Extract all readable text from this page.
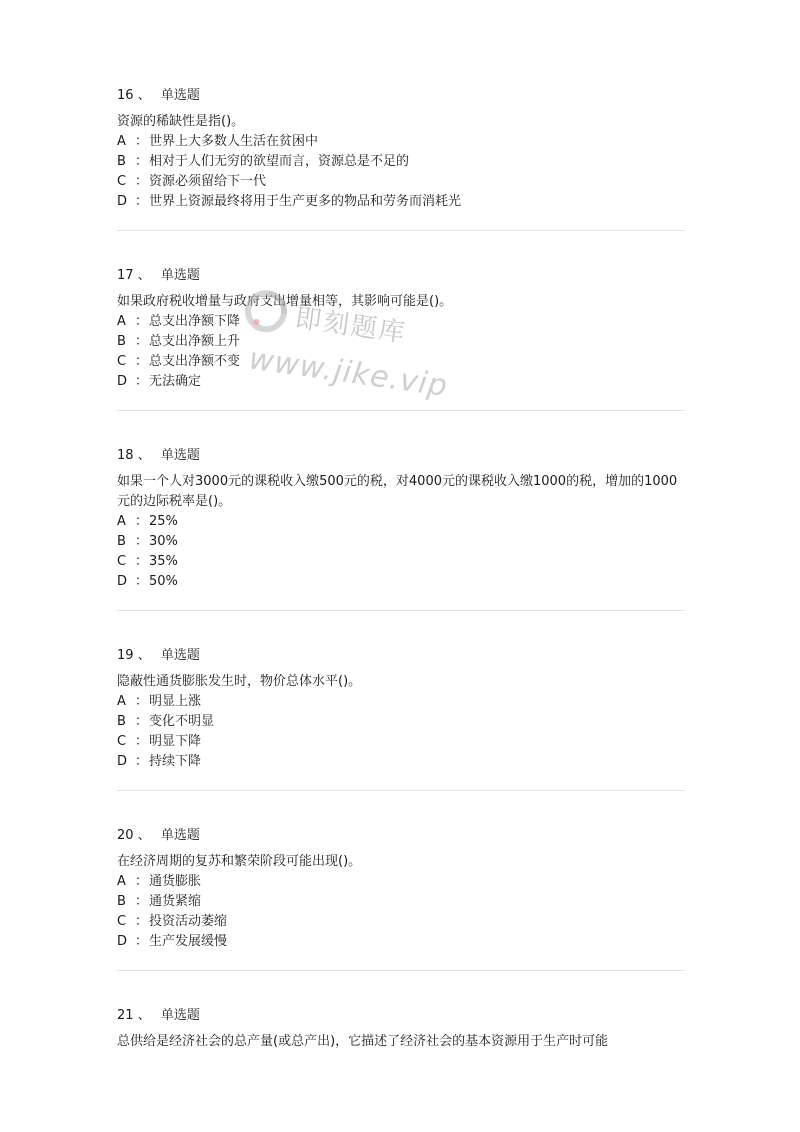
16 、 单选题
资源的稀缺性是指()。
A ：世界上大多数人生活在贫困中
B ：相对于人们无穷的欲望而言，资源总是不足的
C ：资源必须留给下一代
D ：世界上资源最终将用于生产更多的物品和劳务而消耗光
17 、 单选题
如果政府税收增量与政府支出增量相等，其影响可能是()。
A ：总支出净额下降
B ：总支出净额上升
C ：总支出净额不变
D ：无法确定
18 、 单选题
如果一个人对3000元的课税收入缴500元的税，对4000元的课税收入缴1000的税，增加的1000元的边际税率是()。
A ：25%
B ：30%
C ：35%
D ：50%
19 、 单选题
隐蔽性通货膨胀发生时，物价总体水平()。
A ：明显上涨
B ：变化不明显
C ：明显下降
D ：持续下降
20 、 单选题
在经济周期的复苏和繁荣阶段可能出现()。
A ：通货膨胀
B ：通货紧缩
C ：投资活动萎缩
D ：生产发展缓慢
21 、 单选题
总供给是经济社会的总产量(或总产出)，它描述了经济社会的基本资源用于生产时可能
即刻题库
www.jike.vip
